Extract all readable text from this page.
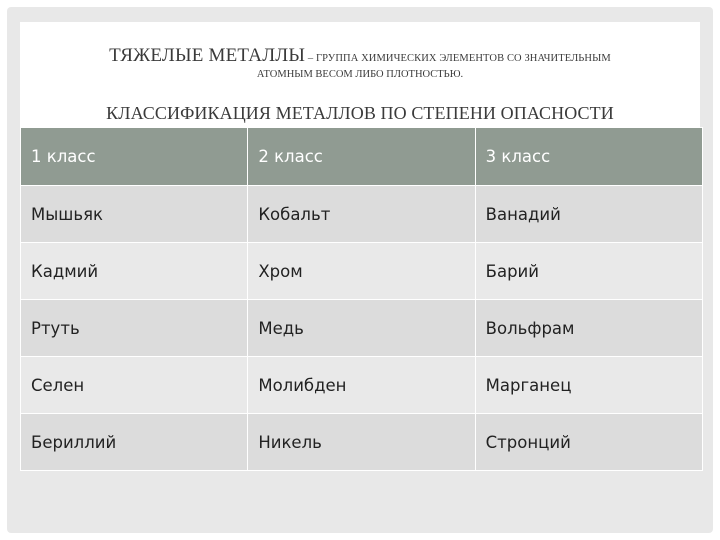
ТЯЖЕЛЫЕ МЕТАЛЛЫ – ГРУППА ХИМИЧЕСКИХ ЭЛЕМЕНТОВ СО ЗНАЧИТЕЛЬНЫМ
АТОМНЫМ ВЕСОМ ЛИБО ПЛОТНОСТЬЮ.
КЛАССИФИКАЦИЯ МЕТАЛЛОВ ПО СТЕПЕНИ ОПАСНОСТИ
1 класс	2 класс	3 класс
Мышьяк	Кобальт	Ванадий
Кадмий	Хром	Барий
Ртуть	Медь	Вольфрам
Селен	Молибден	Марганец
Бериллий	Никель	Стронций
